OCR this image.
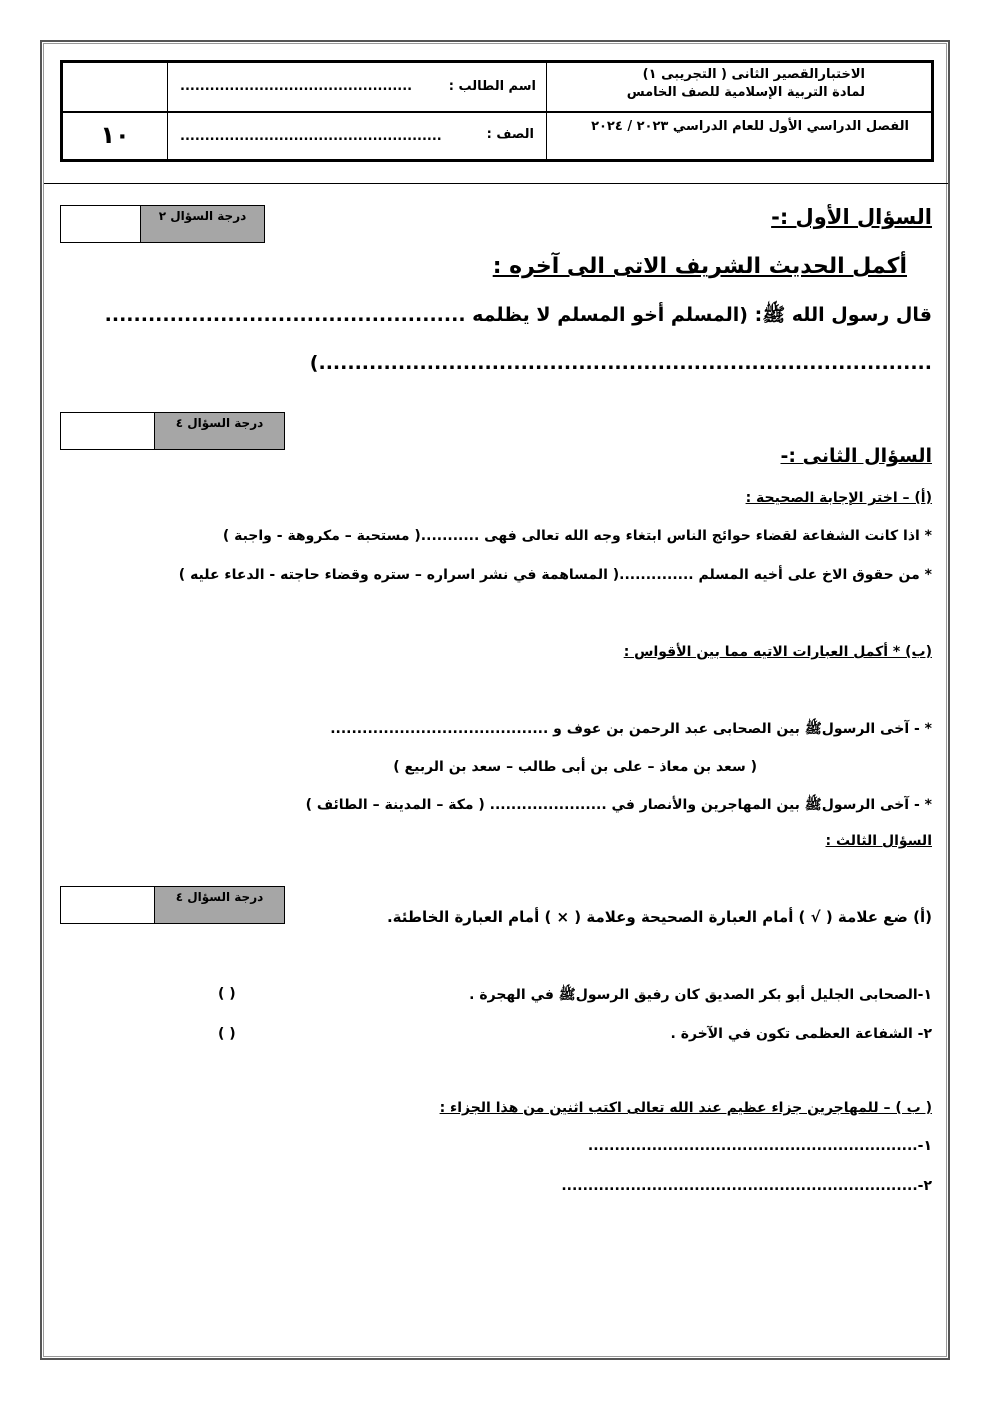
الاختبارالقصير الثانى ( التجريبى ١)
لمادة التربية الإسلامية للصف الخامس
الفصل الدراسي الأول للعام الدراسي ٢٠٢٣ / ٢٠٢٤
اسم الطالب :
...............................................
الصف :
.....................................................
١٠
درجة السؤال ٢	السؤال الأول :-
أكمل الحديث الشريف الاتى الى آخره :
قال رسول الله ﷺ: (المسلم أخو المسلم لا يظلمه ..................................................
.....................................................................................)
درجة السؤال ٤
السؤال الثانى :-
(أ) – اختر الإجابة الصحيحة :
* اذا كانت الشفاعة لقضاء حوائج الناس ابتغاء وجه الله تعالى فهى ...........( مستحبة – مكروهة - واجبة )
* من حقوق الاخ على أخيه المسلم ..............( المساهمة في نشر اسراره – ستره وقضاء حاجته - الدعاء عليه )
(ب) * أكمل العبارات الاتيه مما بين الأقواس :
* - آخى الرسولﷺ بين الصحابى عبد الرحمن بن عوف و .........................................
( سعد بن معاذ – على بن أبى طالب – سعد بن الربيع )
* - آخى الرسولﷺ بين المهاجرين والأنصار في ...................... ( مكة – المدينة – الطائف )
السؤال الثالث :
درجة السؤال ٤
(أ) ضع علامة ( √ ) أمام العبارة الصحيحة وعلامة ( × ) أمام العبارة الخاطئة.
١-الصحابى الجليل أبو بكر الصديق كان رفيق الرسولﷺ في الهجرة .
( )
٢- الشفاعة العظمى تكون في الآخرة .
( )
( ب ) – للمهاجرين جزاء عظيم عند الله تعالى اكتب اثنين من هذا الجزاء :
١-..............................................................
٢-...................................................................
